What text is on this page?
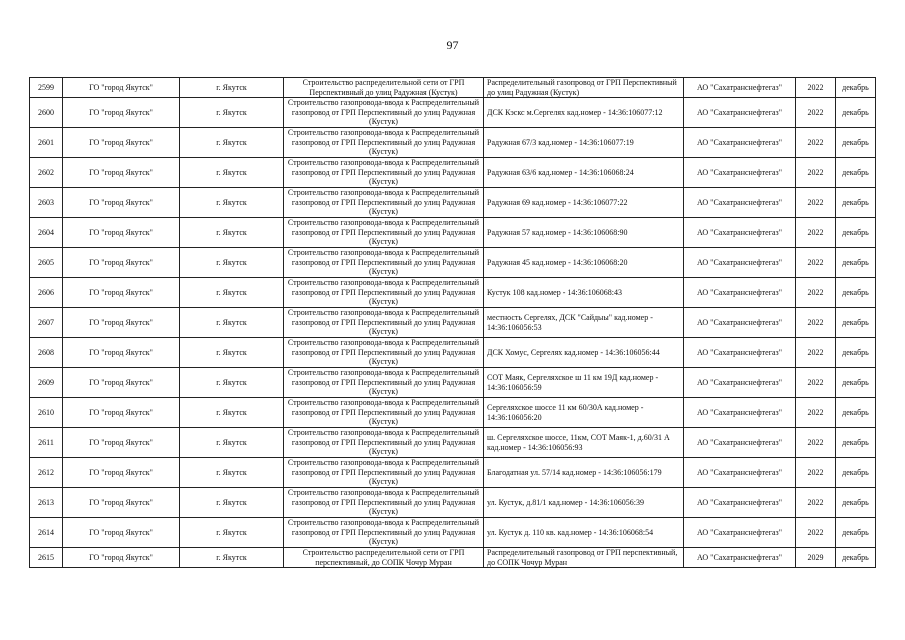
97
2599	ГО "город Якутск"	г. Якутск	Строительство распределительной сети от ГРП Перспективный до улиц Радужная (Кустук)	Распределительный газопровод от ГРП Перспективный до улиц Радужная (Кустук)	АО "Сахатранснефтегаз"	2022	декабрь
2600	ГО "город Якутск"	г. Якутск	Строительство газопровода-ввода к Распределительный газопровод от ГРП Перспективный до улиц Радужная (Кустук)	ДСК Кэскс м.Сергелях кад.номер - 14:36:106077:12	АО "Сахатранснефтегаз"	2022	декабрь
2601	ГО "город Якутск"	г. Якутск	Строительство газопровода-ввода к Распределительный газопровод от ГРП Перспективный до улиц Радужная (Кустук)	Радужная 67/3 кад.номер - 14:36:106077:19	АО "Сахатранснефтегаз"	2022	декабрь
2602	ГО "город Якутск"	г. Якутск	Строительство газопровода-ввода к Распределительный газопровод от ГРП Перспективный до улиц Радужная (Кустук)	Радужная 63/6 кад.номер - 14:36:106068:24	АО "Сахатранснефтегаз"	2022	декабрь
2603	ГО "город Якутск"	г. Якутск	Строительство газопровода-ввода к Распределительный газопровод от ГРП Перспективный до улиц Радужная (Кустук)	Радужная 69 кад.номер - 14:36:106077:22	АО "Сахатранснефтегаз"	2022	декабрь
2604	ГО "город Якутск"	г. Якутск	Строительство газопровода-ввода к Распределительный газопровод от ГРП Перспективный до улиц Радужная (Кустук)	Радужная 57 кад.номер - 14:36:106068:90	АО "Сахатранснефтегаз"	2022	декабрь
2605	ГО "город Якутск"	г. Якутск	Строительство газопровода-ввода к Распределительный газопровод от ГРП Перспективный до улиц Радужная (Кустук)	Радужная 45 кад.номер - 14:36:106068:20	АО "Сахатранснефтегаз"	2022	декабрь
2606	ГО "город Якутск"	г. Якутск	Строительство газопровода-ввода к Распределительный газопровод от ГРП Перспективный до улиц Радужная (Кустук)	Кустук 108 кад.номер - 14:36:106068:43	АО "Сахатранснефтегаз"	2022	декабрь
2607	ГО "город Якутск"	г. Якутск	Строительство газопровода-ввода к Распределительный газопровод от ГРП Перспективный до улиц Радужная (Кустук)	местность Сергелях, ДСК "Сайдыы" кад.номер - 14:36:106056:53	АО "Сахатранснефтегаз"	2022	декабрь
2608	ГО "город Якутск"	г. Якутск	Строительство газопровода-ввода к Распределительный газопровод от ГРП Перспективный до улиц Радужная (Кустук)	ДСК Хомус, Сергелях кад.номер - 14:36:106056:44	АО "Сахатранснефтегаз"	2022	декабрь
2609	ГО "город Якутск"	г. Якутск	Строительство газопровода-ввода к Распределительный газопровод от ГРП Перспективный до улиц Радужная (Кустук)	СОТ Маяк, Сергеляхское ш 11 км 19Д кад.номер - 14:36:106056:59	АО "Сахатранснефтегаз"	2022	декабрь
2610	ГО "город Якутск"	г. Якутск	Строительство газопровода-ввода к Распределительный газопровод от ГРП Перспективный до улиц Радужная (Кустук)	Сергеляхское шоссе 11 км 60/30А кад.номер - 14:36:106056:20	АО "Сахатранснефтегаз"	2022	декабрь
2611	ГО "город Якутск"	г. Якутск	Строительство газопровода-ввода к Распределительный газопровод от ГРП Перспективный до улиц Радужная (Кустук)	ш. Сергеляхское шоссе, 11км, СОТ Маяк-1, д.60/31 А кад.номер - 14:36:106056:93	АО "Сахатранснефтегаз"	2022	декабрь
2612	ГО "город Якутск"	г. Якутск	Строительство газопровода-ввода к Распределительный газопровод от ГРП Перспективный до улиц Радужная (Кустук)	Благодатная ул. 57/14 кад.номер - 14:36:106056:179	АО "Сахатранснефтегаз"	2022	декабрь
2613	ГО "город Якутск"	г. Якутск	Строительство газопровода-ввода к Распределительный газопровод от ГРП Перспективный до улиц Радужная (Кустук)	ул. Кустук, д.81/1 кад.номер - 14:36:106056:39	АО "Сахатранснефтегаз"	2022	декабрь
2614	ГО "город Якутск"	г. Якутск	Строительство газопровода-ввода к Распределительный газопровод от ГРП Перспективный до улиц Радужная (Кустук)	ул. Кустук д. 110 кв. кад.номер - 14:36:106068:54	АО "Сахатранснефтегаз"	2022	декабрь
2615	ГО "город Якутск"	г. Якутск	Строительство распределительной сети от ГРП перспективный, до СОПК Чочур Муран	Распределительный газопровод от ГРП перспективный, до СОПК Чочур Муран	АО "Сахатранснефтегаз"	2029	декабрь
